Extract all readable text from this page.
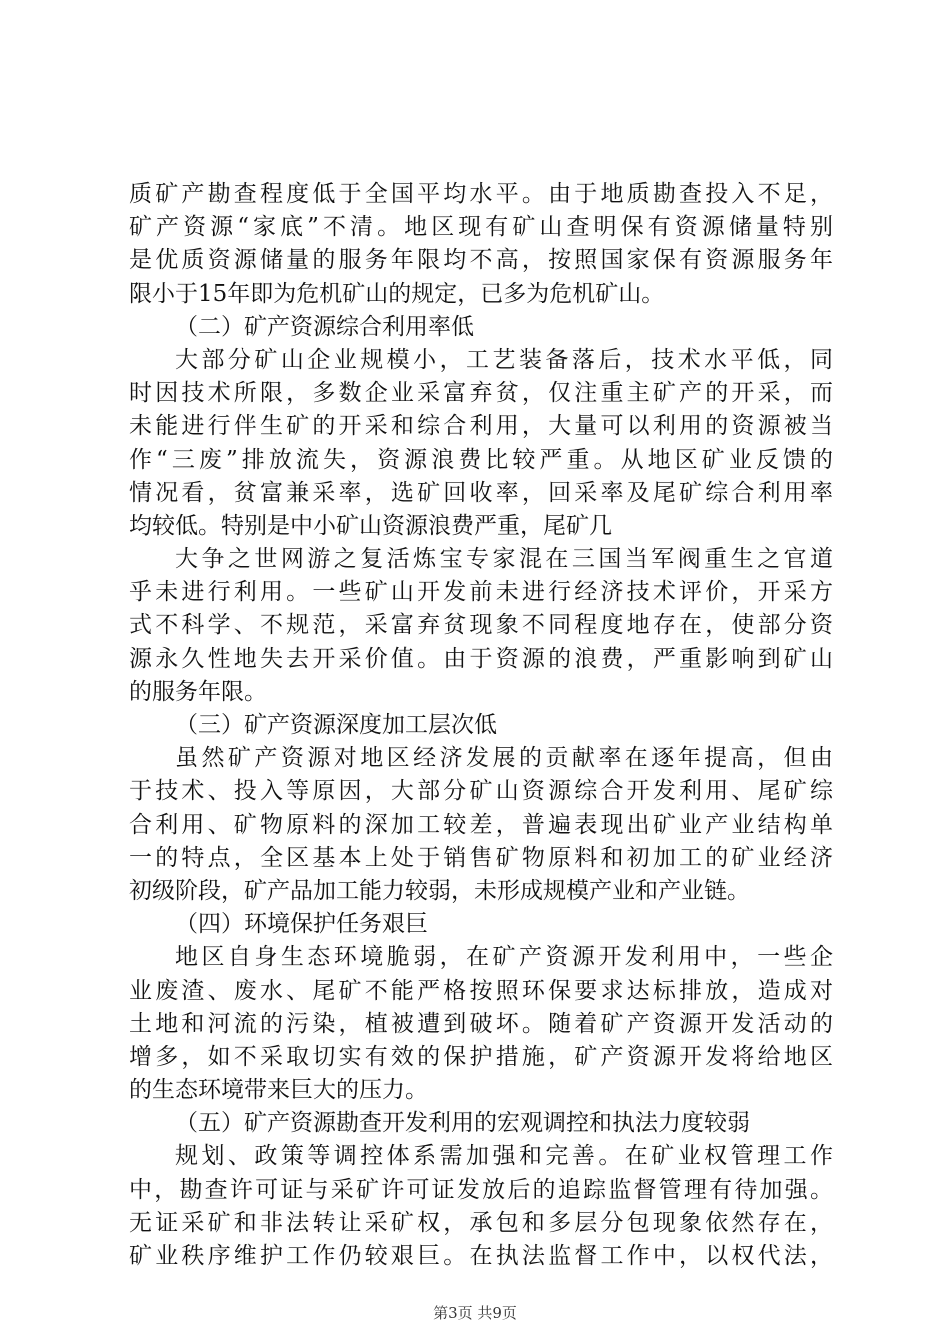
质矿产勘查程度低于全国平均水平。由于地质勘查投入不足，
矿产资源“家底”不清。地区现有矿山查明保有资源储量特别
是优质资源储量的服务年限均不高，按照国家保有资源服务年
限小于15年即为危机矿山的规定，已多为危机矿山。
（二）矿产资源综合利用率低
大部分矿山企业规模小，工艺装备落后，技术水平低，同
时因技术所限，多数企业采富弃贫，仅注重主矿产的开采，而
未能进行伴生矿的开采和综合利用，大量可以利用的资源被当
作“三废”排放流失，资源浪费比较严重。从地区矿业反馈的
情况看，贫富兼采率，选矿回收率，回采率及尾矿综合利用率
均较低。特别是中小矿山资源浪费严重，尾矿几
大争之世网游之复活炼宝专家混在三国当军阀重生之官道
乎未进行利用。一些矿山开发前未进行经济技术评价，开采方
式不科学、不规范，采富弃贫现象不同程度地存在，使部分资
源永久性地失去开采价值。由于资源的浪费，严重影响到矿山
的服务年限。
（三）矿产资源深度加工层次低
虽然矿产资源对地区经济发展的贡献率在逐年提高，但由
于技术、投入等原因，大部分矿山资源综合开发利用、尾矿综
合利用、矿物原料的深加工较差，普遍表现出矿业产业结构单
一的特点，全区基本上处于销售矿物原料和初加工的矿业经济
初级阶段，矿产品加工能力较弱，未形成规模产业和产业链。
（四）环境保护任务艰巨
地区自身生态环境脆弱，在矿产资源开发利用中，一些企
业废渣、废水、尾矿不能严格按照环保要求达标排放，造成对
土地和河流的污染，植被遭到破坏。随着矿产资源开发活动的
增多，如不采取切实有效的保护措施，矿产资源开发将给地区
的生态环境带来巨大的压力。
（五）矿产资源勘查开发利用的宏观调控和执法力度较弱
规划、政策等调控体系需加强和完善。在矿业权管理工作
中，勘查许可证与采矿许可证发放后的追踪监督管理有待加强。
无证采矿和非法转让采矿权，承包和多层分包现象依然存在，
矿业秩序维护工作仍较艰巨。在执法监督工作中，以权代法，
第3页 共9页
